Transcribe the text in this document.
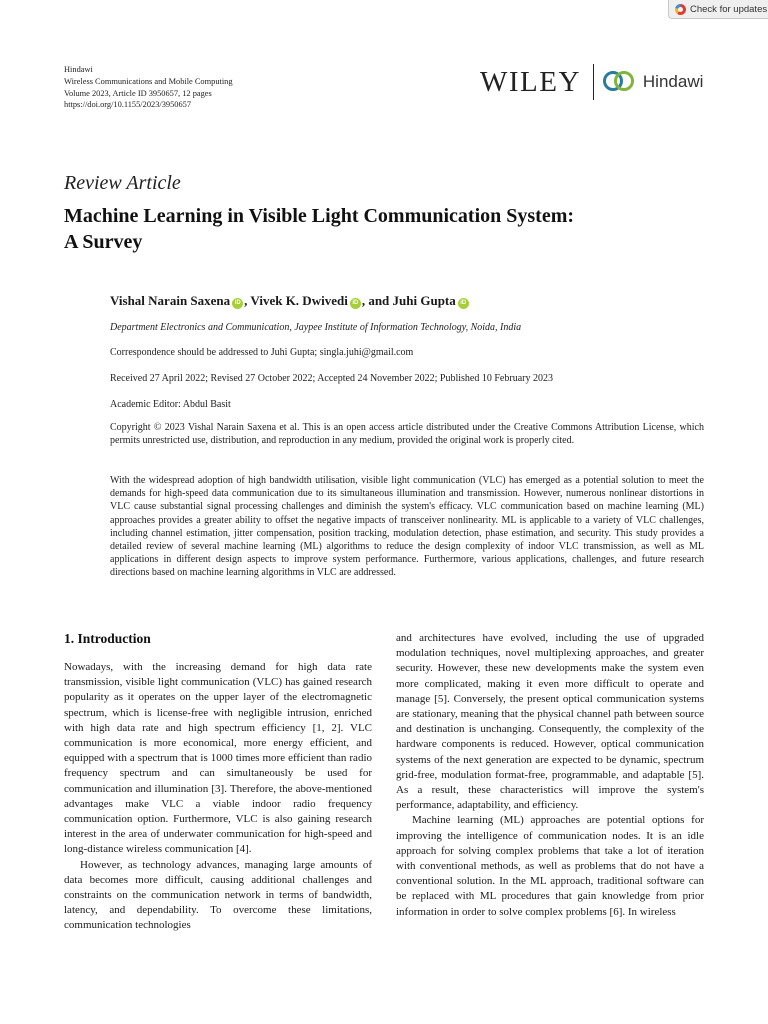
Check for updates
Hindawi
Wireless Communications and Mobile Computing
Volume 2023, Article ID 3950657, 12 pages
https://doi.org/10.1155/2023/3950657
WILEY	Hindawi
Review Article
Machine Learning in Visible Light Communication System:
A Survey
Vishal Narain Saxena iD , Vivek K. Dwivedi iD , and Juhi Gupta iD
Department Electronics and Communication, Jaypee Institute of Information Technology, Noida, India
Correspondence should be addressed to Juhi Gupta; singla.juhi@gmail.com
Received 27 April 2022; Revised 27 October 2022; Accepted 24 November 2022; Published 10 February 2023
Academic Editor: Abdul Basit
Copyright © 2023 Vishal Narain Saxena et al. This is an open access article distributed under the Creative Commons Attribution License, which permits unrestricted use, distribution, and reproduction in any medium, provided the original work is properly cited.
With the widespread adoption of high bandwidth utilisation, visible light communication (VLC) has emerged as a potential solution to meet the demands for high-speed data communication due to its simultaneous illumination and transmission. However, numerous nonlinear distortions in VLC cause substantial signal processing challenges and diminish the system's efficacy. VLC communication based on machine learning (ML) approaches provides a greater ability to offset the negative impacts of transceiver nonlinearity. ML is applicable to a variety of VLC challenges, including channel estimation, jitter compensation, position tracking, modulation detection, phase estimation, and security. This study provides a detailed review of several machine learning (ML) algorithms to reduce the design complexity of indoor VLC transmission, as well as ML applications in different design aspects to improve system performance. Furthermore, various applications, challenges, and future research directions based on machine learning algorithms in VLC are addressed.
1. Introduction

Nowadays, with the increasing demand for high data rate transmission, visible light communication (VLC) has gained research popularity as it operates on the upper layer of the electromagnetic spectrum, which is license-free with negligible intrusion, enriched with high data rate and high spectrum efficiency [1, 2]. VLC communication is more economical, more energy efficient, and equipped with a spectrum that is 1000 times more efficient than radio frequency spectrum and can simultaneously be used for communication and illumination [3]. Therefore, the above-mentioned advantages make VLC a viable indoor radio frequency communication option. Furthermore, VLC is also gaining research interest in the area of underwater communication for high-speed and long-distance wireless communication [4].

However, as technology advances, managing large amounts of data becomes more difficult, causing additional challenges and constraints on the communication network in terms of bandwidth, latency, and dependability. To overcome these limitations, communication technologies

and architectures have evolved, including the use of upgraded modulation techniques, novel multiplexing approaches, and greater security. However, these new developments make the system even more complicated, making it even more difficult to operate and manage [5]. Conversely, the present optical communication systems are stationary, meaning that the physical channel path between source and destination is unchanging. Consequently, the complexity of the hardware components is reduced. However, optical communication systems of the next generation are expected to be dynamic, spectrum grid-free, modulation format-free, programmable, and adaptable [5]. As a result, these characteristics will improve the system's performance, adaptability, and efficiency.

Machine learning (ML) approaches are potential options for improving the intelligence of communication nodes. It is an idle approach for solving complex problems that take a lot of iteration with conventional methods, as well as problems that do not have a conventional solution. In the ML approach, traditional software can be replaced with ML procedures that gain knowledge from prior information in order to solve complex problems [6]. In wireless
